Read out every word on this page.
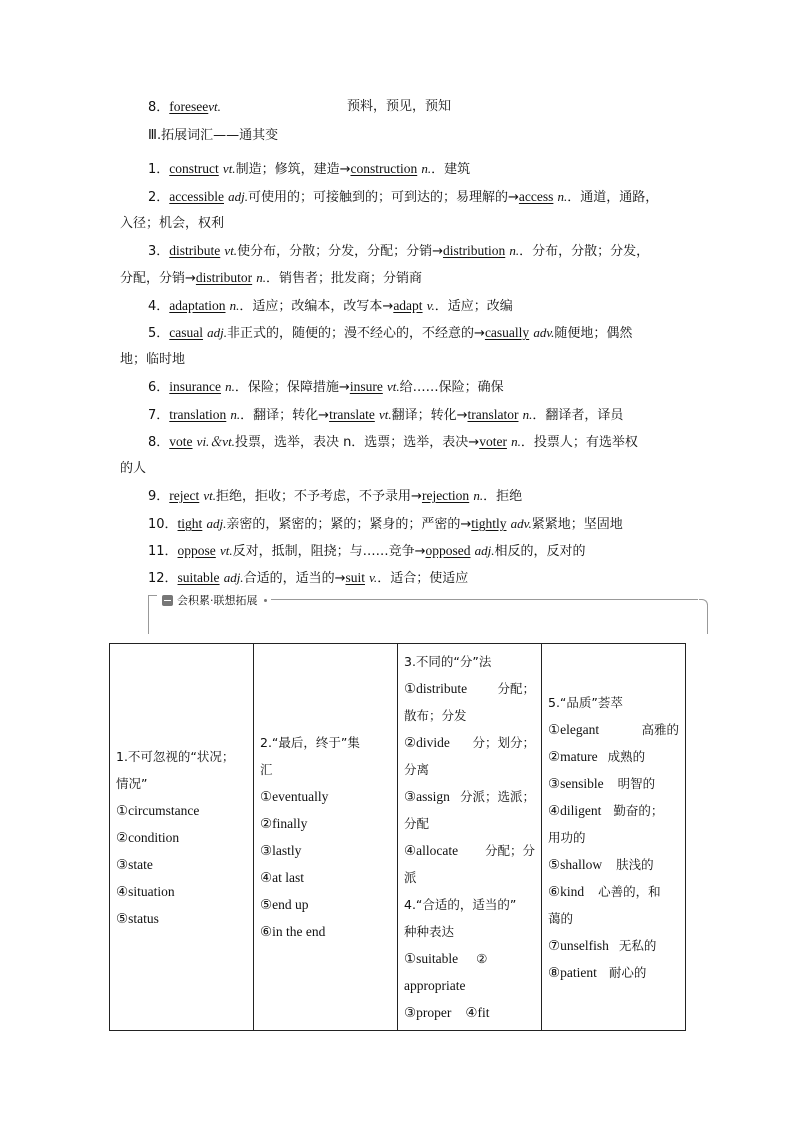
8．foreseevt.	预料，预见，预知
Ⅲ.拓展词汇——通其变
1．construct vt.制造；修筑，建造→construction n.．建筑
2．accessible adj.可使用的；可接触到的；可到达的；易理解的→access n.．通道，通路，
入径；机会，权利
3．distribute vt.使分布，分散；分发，分配；分销→distribution n.．分布，分散；分发，
分配，分销→distributor n.．销售者；批发商；分销商
4．adaptation n.．适应；改编本，改写本→adapt v.．适应；改编
5．casual adj.非正式的，随便的；漫不经心的，不经意的→casually adv.随便地；偶然
地；临时地
6．insurance n.．保险；保障措施→insure vt.给……保险；确保
7．translation n.．翻译；转化→translate vt.翻译；转化→translator n.．翻译者，译员
8．vote vi.＆vt.投票，选举，表决 n．选票；选举，表决→voter n.．投票人；有选举权
的人
9．reject vt.拒绝，拒收；不予考虑，不予录用→rejection n.．拒绝
10．tight adj.亲密的，紧密的；紧的；紧身的；严密的→tightly adv.紧紧地；坚固地
11．oppose vt.反对，抵制，阻挠；与……竞争→opposed adj.相反的，反对的
12．suitable adj.合适的，适当的→suit v.．适合；使适应
会积累·联想拓展
1.不可忽视的“状况；
情况”
①circumstance
②condition
③state
④situation
⑤status

2.“最后，终于”集
汇
①eventually
②finally
③lastly
④at last
⑤end up
⑥in the end

3.不同的“分”法
①distribute 分配；
散布；分发
②divide 分；划分；
分离
③assign 分派；选派；
分配
④allocate 分配；分
派
4.“合适的，适当的”
种种表达
①suitable ②
appropriate
③proper ④fit

5.“品质”荟萃
①elegant	高雅的
②mature 成熟的
③sensible 明智的
④diligent 勤奋的；
用功的
⑤shallow 肤浅的
⑥kind 心善的，和
蔼的
⑦unselfish 无私的
⑧patient 耐心的
